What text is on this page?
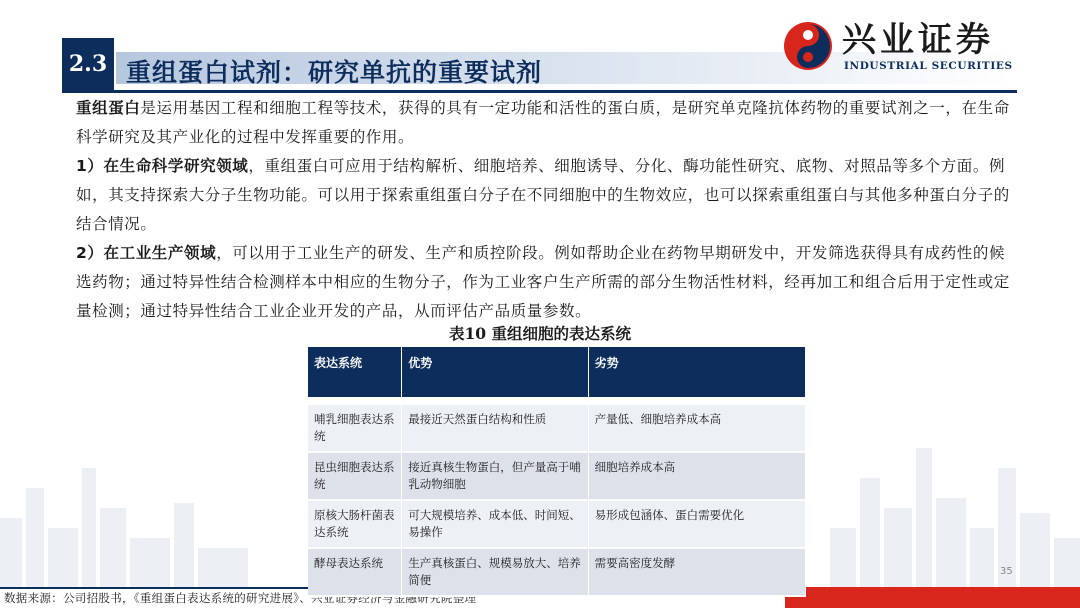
2.3 重组蛋白试剂：研究单抗的重要试剂
兴业证券
INDUSTRIAL SECURITIES

重组蛋白是运用基因工程和细胞工程等技术，获得的具有一定功能和活性的蛋白质，是研究单克隆抗体药物的重要试剂之一，在生命科学研究及其产业化的过程中发挥重要的作用。

1）在生命科学研究领域，重组蛋白可应用于结构解析、细胞培养、细胞诱导、分化、酶功能性研究、底物、对照品等多个方面。例如，其支持探索大分子生物功能。可以用于探索重组蛋白分子在不同细胞中的生物效应，也可以探索重组蛋白与其他多种蛋白分子的结合情况。

2）在工业生产领域，可以用于工业生产的研发、生产和质控阶段。例如帮助企业在药物早期研发中，开发筛选获得具有成药性的候选药物；通过特异性结合检测样本中相应的生物分子，作为工业客户生产所需的部分生物活性材料，经再加工和组合后用于定性或定量检测；通过特异性结合工业企业开发的产品，从而评估产品质量参数。

表10 重组细胞的表达系统
表达系统	优势	劣势

哺乳细胞表达系统	最接近天然蛋白结构和性质	产量低、细胞培养成本高
昆虫细胞表达系统	接近真核生物蛋白，但产量高于哺乳动物细胞	细胞培养成本高
原核大肠杆菌表达系统	可大规模培养、成本低、时间短、易操作	易形成包涵体、蛋白需要优化
酵母表达系统	生产真核蛋白、规模易放大、培养简便	需要高密度发酵
35
数据来源：公司招股书，《重组蛋白表达系统的研究进展》、兴业证券经济与金融研究院整理
